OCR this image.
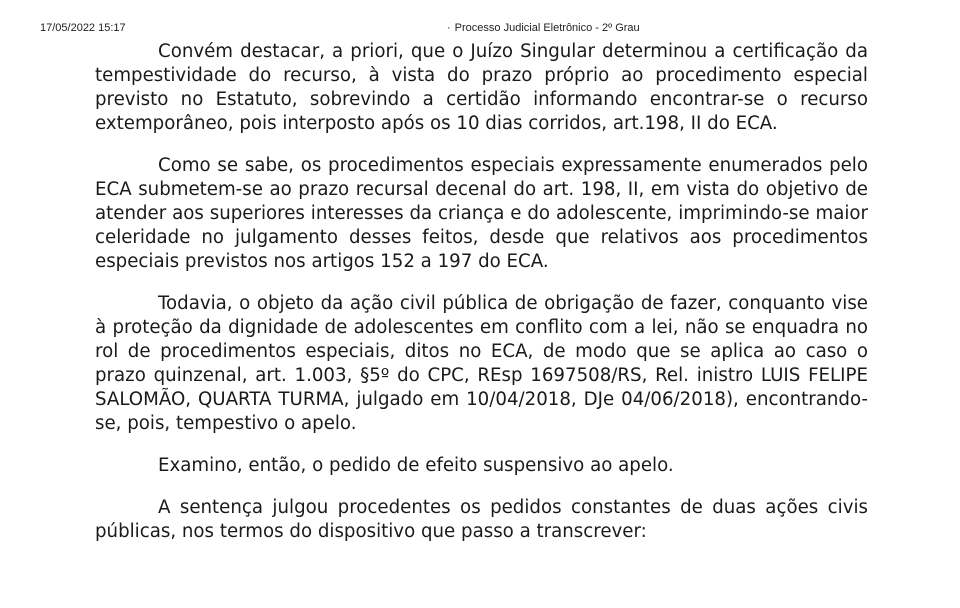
17/05/2022 15:17	· Processo Judicial Eletrônico - 2º Grau

Convém destacar, a priori, que o Juízo Singular determinou a certificação da tempestividade do recurso, à vista do prazo próprio ao procedimento especial previsto no Estatuto, sobrevindo a certidão informando encontrar-se o recurso extemporâneo, pois interposto após os 10 dias corridos, art.198, II do ECA.

Como se sabe, os procedimentos especiais expressamente enumerados pelo ECA submetem-se ao prazo recursal decenal do art. 198, II, em vista do objetivo de atender aos superiores interesses da criança e do adolescente, imprimindo-se maior celeridade no julgamento desses feitos, desde que relativos aos procedimentos especiais previstos nos artigos 152 a 197 do ECA.

Todavia, o objeto da ação civil pública de obrigação de fazer, conquanto vise à proteção da dignidade de adolescentes em conflito com a lei, não se enquadra no rol de procedimentos especiais, ditos no ECA, de modo que se aplica ao caso o prazo quinzenal, art. 1.003, §5º do CPC, REsp 1697508/RS, Rel. inistro LUIS FELIPE SALOMÃO, QUARTA TURMA, julgado em 10/04/2018, DJe 04/06/2018), encontrando-se, pois, tempestivo o apelo.

Examino, então, o pedido de efeito suspensivo ao apelo.

A sentença julgou procedentes os pedidos constantes de duas ações civis públicas, nos termos do dispositivo que passo a transcrever:
